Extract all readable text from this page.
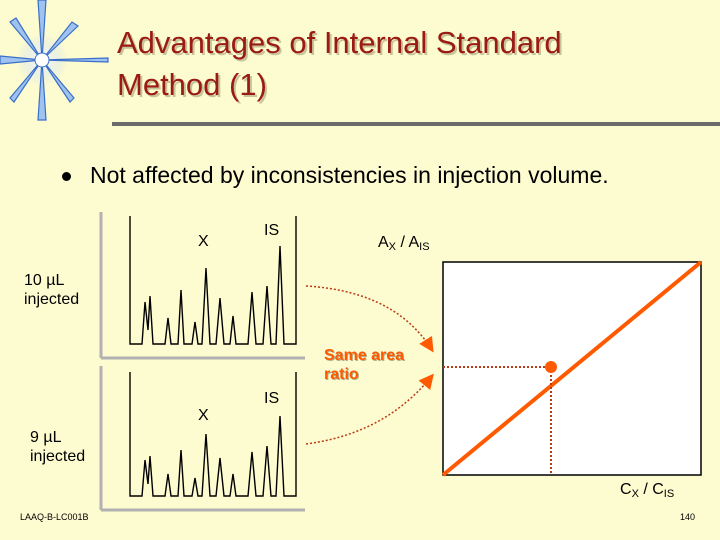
Advantages of Internal Standard
Method (1)
Not affected by inconsistencies in injection volume.
X
IS
10 µL
injected
X
IS
9 µL
injected
$A_X / A_{IS}$
$C_X / C_{IS}$
Same area
ratio
LAAQ-B-LC001B	140
